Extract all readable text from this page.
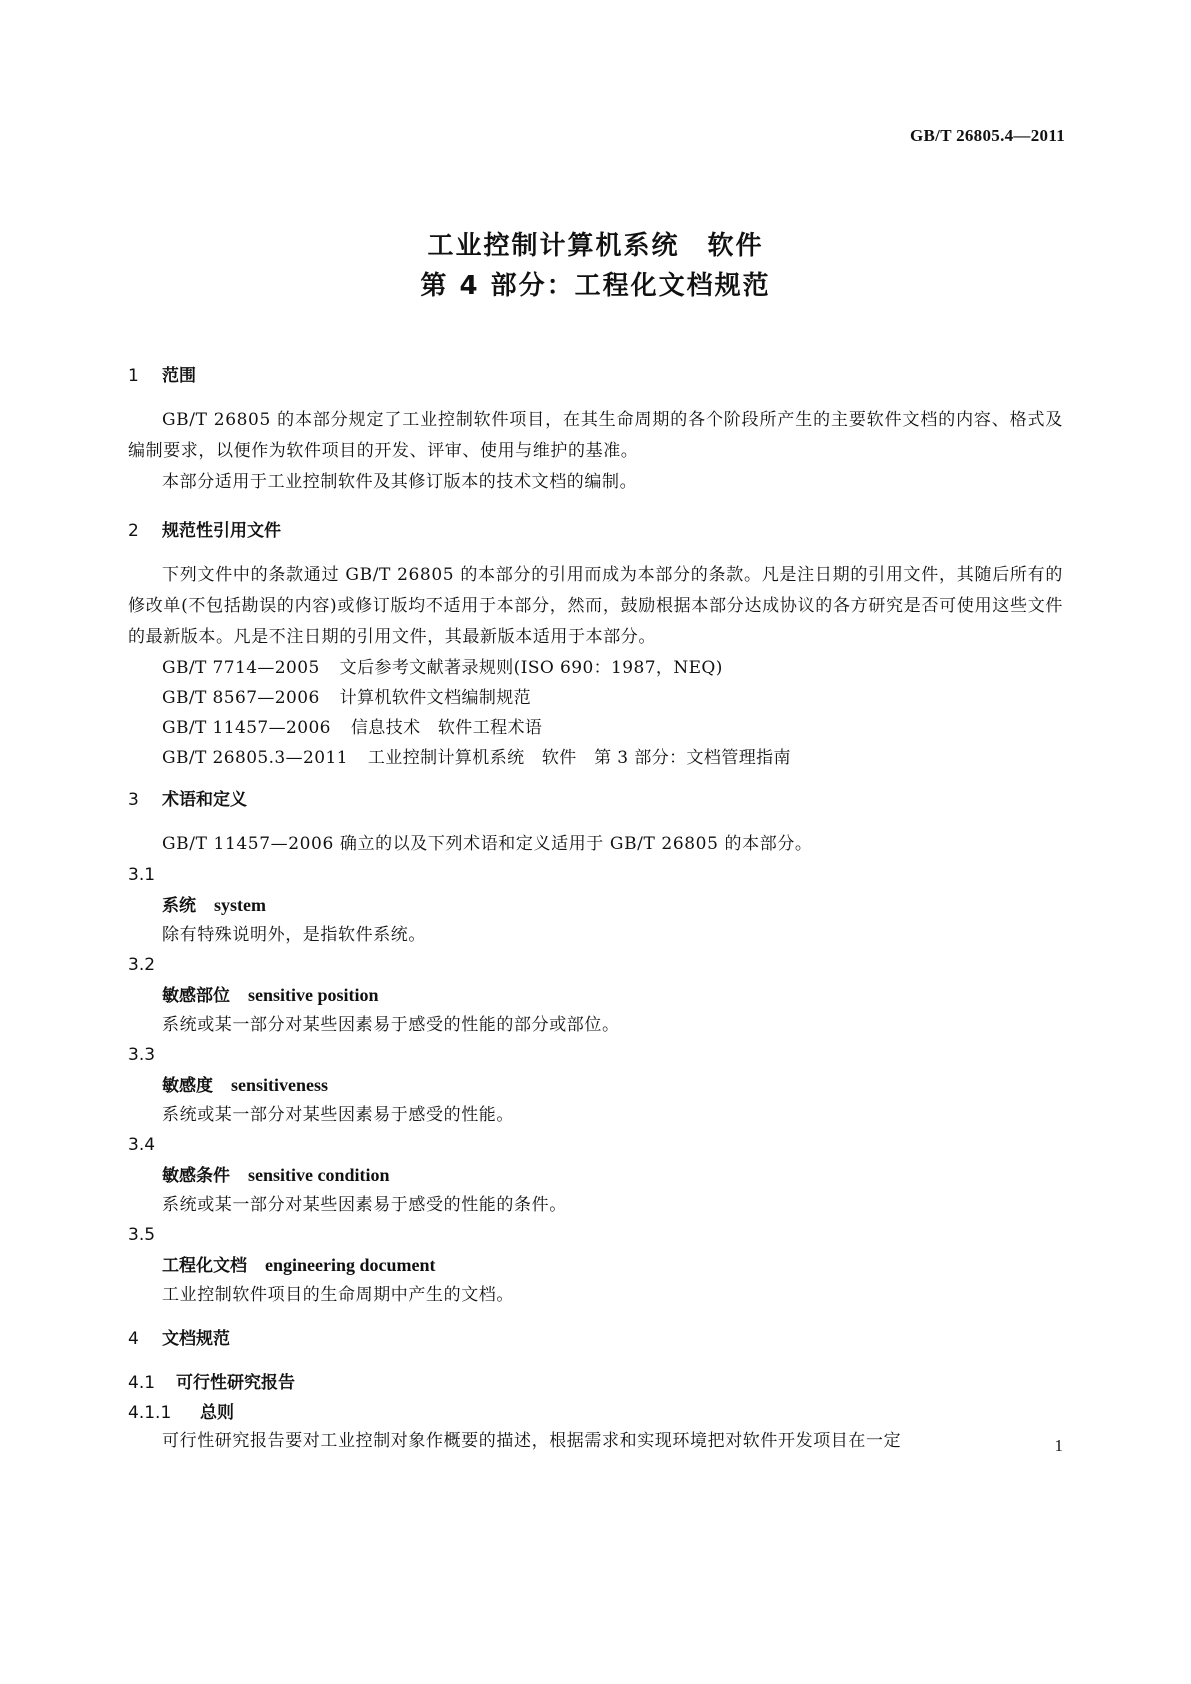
GB/T 26805.4—2011
工业控制计算机系统　软件
第 4 部分：工程化文档规范
1 范围

GB/T 26805 的本部分规定了工业控制软件项目，在其生命周期的各个阶段所产生的主要软件文档的内容、格式及编制要求，以便作为软件项目的开发、评审、使用与维护的基准。

本部分适用于工业控制软件及其修订版本的技术文档的编制。

2 规范性引用文件

下列文件中的条款通过 GB/T 26805 的本部分的引用而成为本部分的条款。凡是注日期的引用文件，其随后所有的修改单(不包括勘误的内容)或修订版均不适用于本部分，然而，鼓励根据本部分达成协议的各方研究是否可使用这些文件的最新版本。凡是不注日期的引用文件，其最新版本适用于本部分。

GB/T 7714—2005 文后参考文献著录规则(ISO 690：1987，NEQ)

GB/T 8567—2006 计算机软件文档编制规范

GB/T 11457—2006 信息技术　软件工程术语

GB/T 26805.3—2011 工业控制计算机系统　软件　第 3 部分：文档管理指南

3 术语和定义

GB/T 11457—2006 确立的以及下列术语和定义适用于 GB/T 26805 的本部分。

3.1

系统 system

除有特殊说明外，是指软件系统。

3.2

敏感部位 sensitive position

系统或某一部分对某些因素易于感受的性能的部分或部位。

3.3

敏感度 sensitiveness

系统或某一部分对某些因素易于感受的性能。

3.4

敏感条件 sensitive condition

系统或某一部分对某些因素易于感受的性能的条件。

3.5

工程化文档 engineering document

工业控制软件项目的生命周期中产生的文档。

4 文档规范
4.1 可行性研究报告
4.1.1 总则

可行性研究报告要对工业控制对象作概要的描述，根据需求和实现环境把对软件开发项目在一定	1
